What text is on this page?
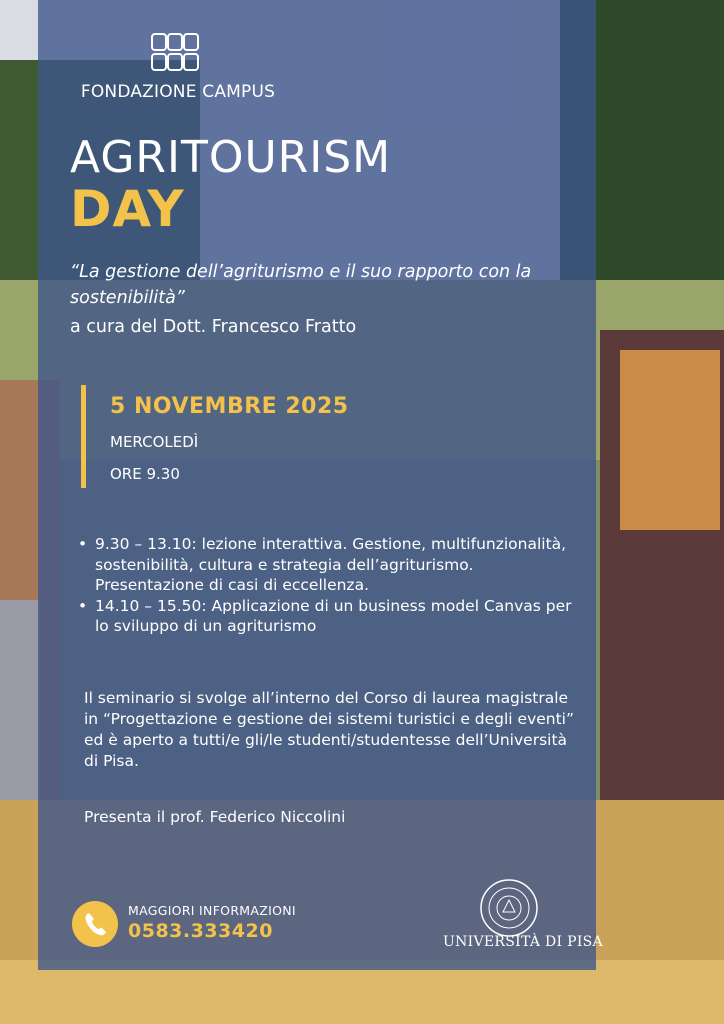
FONDAZIONE CAMPUS
AGRITOURISM
DAY
“La gestione dell’agriturismo e il suo rapporto con la sostenibilità”
a cura del Dott. Francesco Fratto
5 NOVEMBRE 2025
MERCOLEDÌ
ORE 9.30
• 9.30 – 13.10: lezione interattiva. Gestione, multifunzionalità, sostenibilità, cultura e strategia dell’agriturismo. Presentazione di casi di eccellenza.
• 14.10 – 15.50: Applicazione di un business model Canvas per lo sviluppo di un agriturismo
Il seminario si svolge all’interno del Corso di laurea magistrale in “Progettazione e gestione dei sistemi turistici e degli eventi” ed è aperto a tutti/e gli/le studenti/studentesse dell’Università di Pisa.
Presenta il prof. Federico Niccolini
MAGGIORI INFORMAZIONI
0583.333420	UNIVERSITÀ DI PISA
